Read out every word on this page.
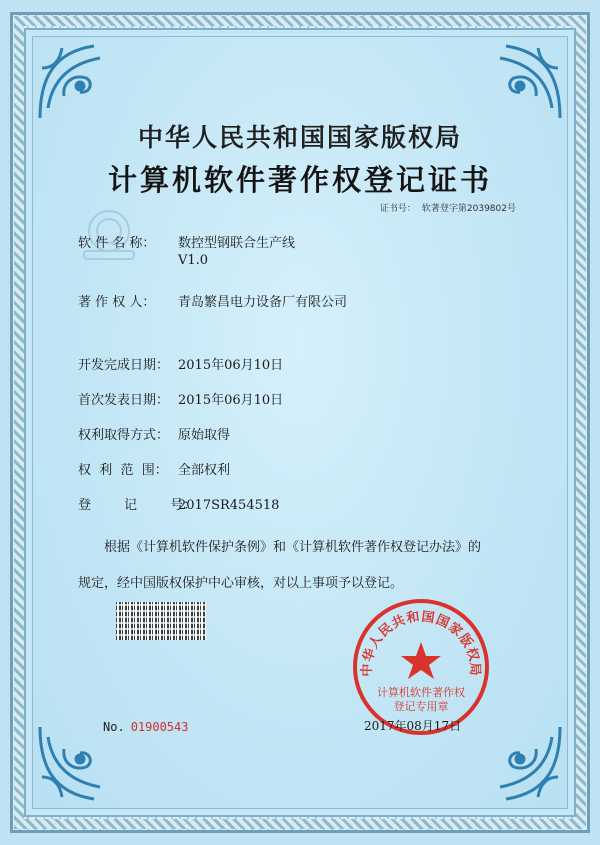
中华人民共和国国家版权局
计算机软件著作权登记证书
证书号： 软著登字第2039802号
软 件 名 称： 数控型钢联合生产线
V1.0
著 作 权 人： 青岛繁昌电力设备厂有限公司
开发完成日期： 2015年06月10日
首次发表日期： 2015年06月10日
权利取得方式： 原始取得
权  利  范  围： 全部权利
登        记        号：2017SR454518

根据《计算机软件保护条例》和《计算机软件著作权登记办法》的

规定，经中国版权保护中心审核，对以上事项予以登记。

No. 01900543
中华人民共和国国家版权局
计算机软件著作权
登记专用章
2017年08月17日
